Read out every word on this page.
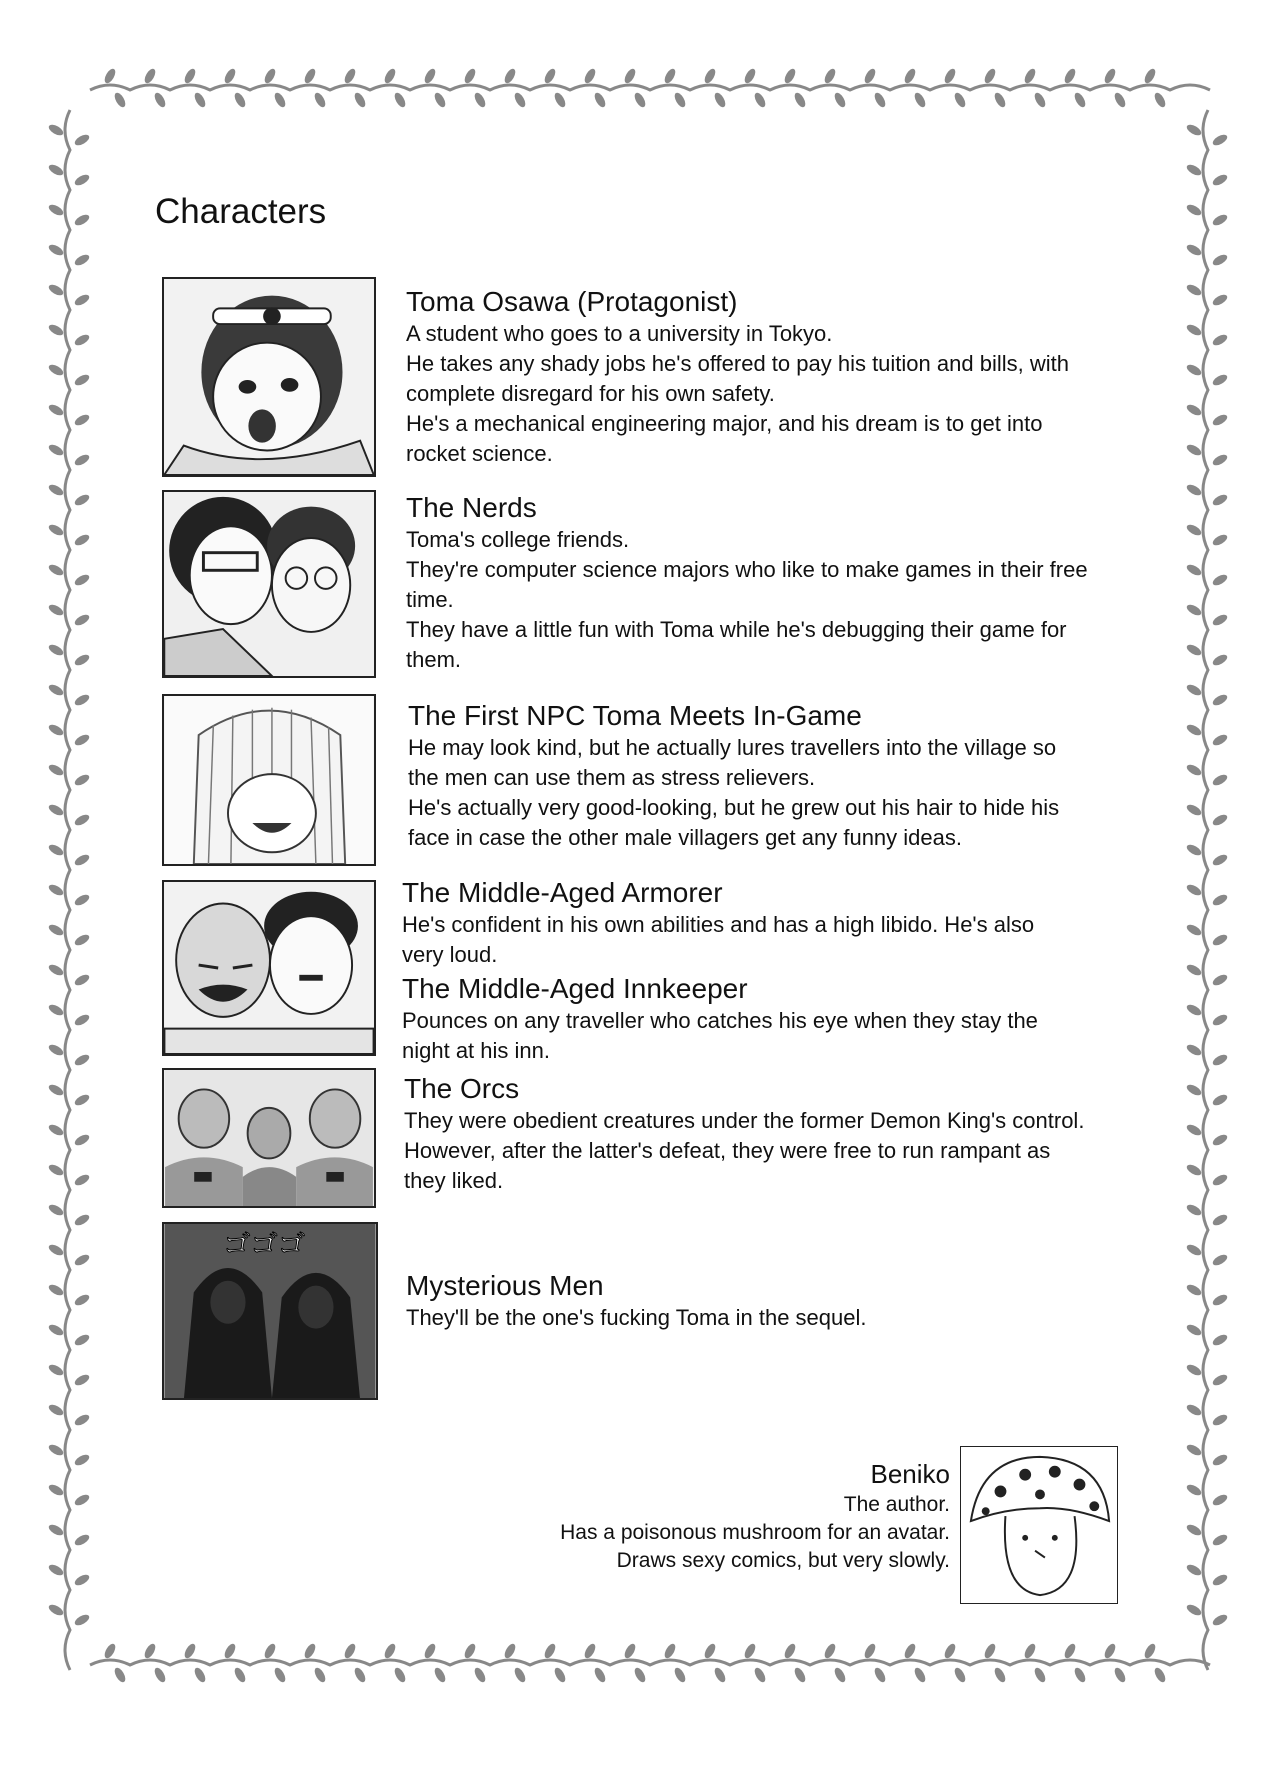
Characters
Toma Osawa (Protagonist)

A student who goes to a university in Tokyo.

He takes any shady jobs he's offered to pay his tuition and bills, with

complete disregard for his own safety.

He's a mechanical engineering major, and his dream is to get into

rocket science.

The Nerds

Toma's college friends.

They're computer science majors who like to make games in their free

time.

They have a little fun with Toma while he's debugging their game for

them.

The First NPC Toma Meets In-Game

He may look kind, but he actually lures travellers into the village so

the men can use them as stress relievers.

He's actually very good-looking, but he grew out his hair to hide his

face in case the other male villagers get any funny ideas.

The Middle-Aged Armorer

He's confident in his own abilities and has a high libido. He's also

very loud.

The Middle-Aged Innkeeper

Pounces on any traveller who catches his eye when they stay the

night at his inn.

The Orcs

They were obedient creatures under the former Demon King's control.

However, after the latter's defeat, they were free to run rampant as

they liked.

ゴゴゴ
Mysterious Men

They'll be the one's fucking Toma in the sequel.

Beniko

The author.

Has a poisonous mushroom for an avatar.

Draws sexy comics, but very slowly.
